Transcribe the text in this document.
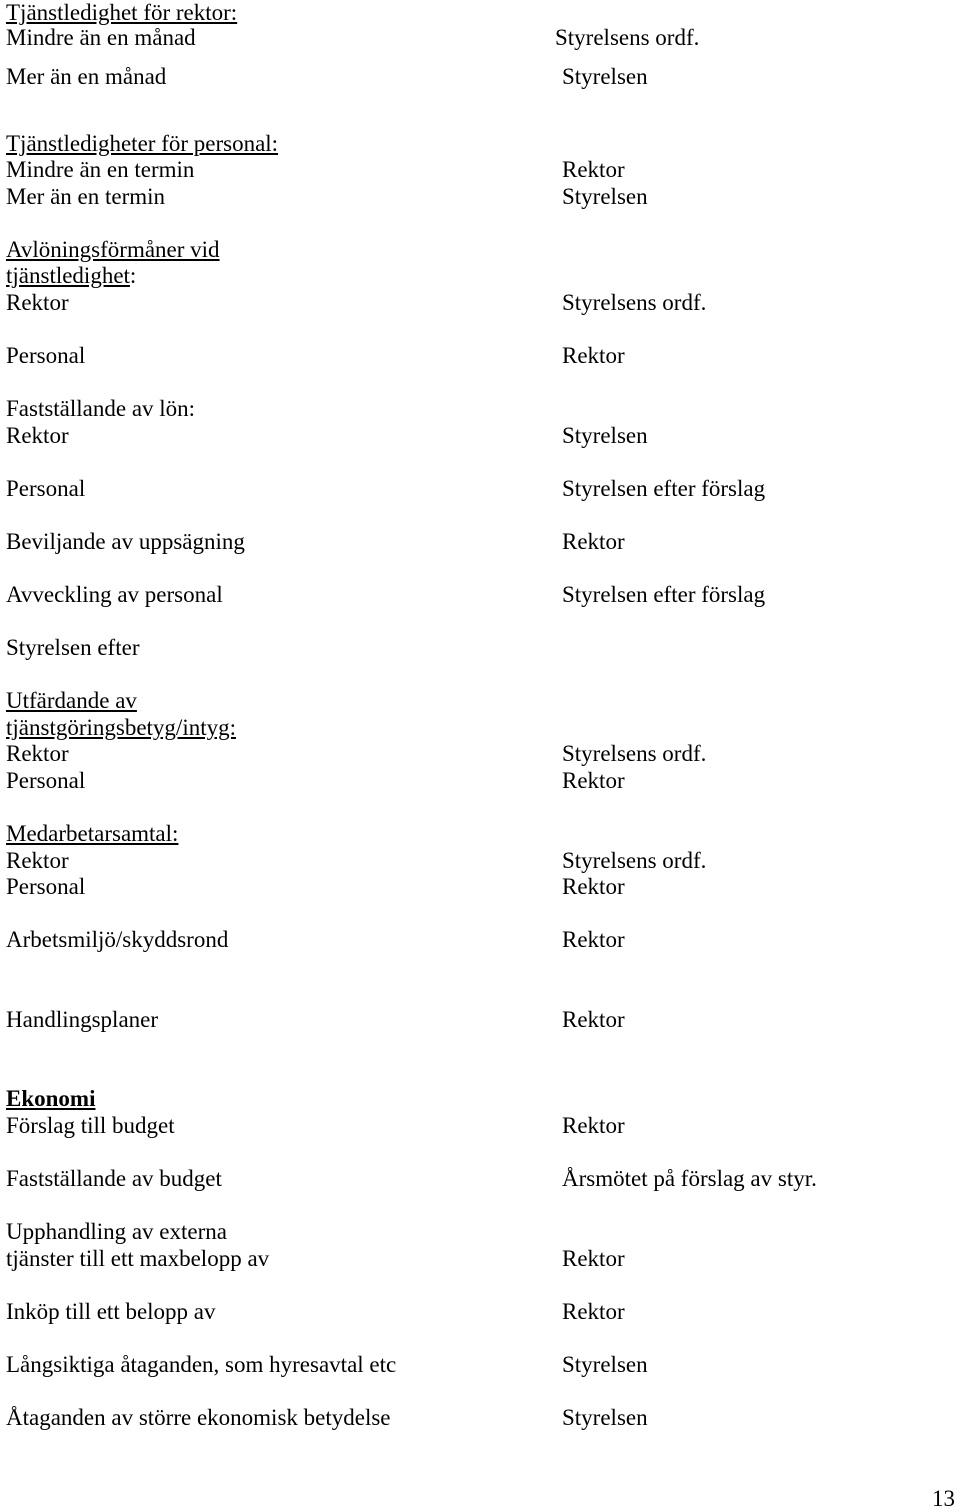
Tjänstledighet för rektor:
Mindre än en månad
Mer än en månad
Tjänstledigheter för personal:
Mindre än en termin
Mer än en termin
Avlöningsförmåner vid
tjänstledighet:
Rektor
Personal
Fastställande av lön:
Rektor
Personal
Beviljande av uppsägning
Avveckling av personal
Styrelsen efter
Utfärdande av
tjänstgöringsbetyg/intyg:
Rektor
Personal
Medarbetarsamtal:
Rektor
Personal
Arbetsmiljö/skyddsrond
Handlingsplaner
Ekonomi
Förslag till budget
Fastställande av budget
Upphandling av externa
tjänster till ett maxbelopp av
Inköp till ett belopp av
Långsiktiga åtaganden, som hyresavtal etc
Åtaganden av större ekonomisk betydelse
Styrelsens ordf.
Styrelsen
Rektor
Styrelsen
Styrelsens ordf.
Rektor
Styrelsen
Styrelsen efter förslag
Rektor
Styrelsen efter förslag
Styrelsens ordf.
Rektor
Styrelsens ordf.
Rektor
Rektor
Rektor
Rektor
Årsmötet på förslag av styr.
Rektor
Rektor
Styrelsen
Styrelsen
13
